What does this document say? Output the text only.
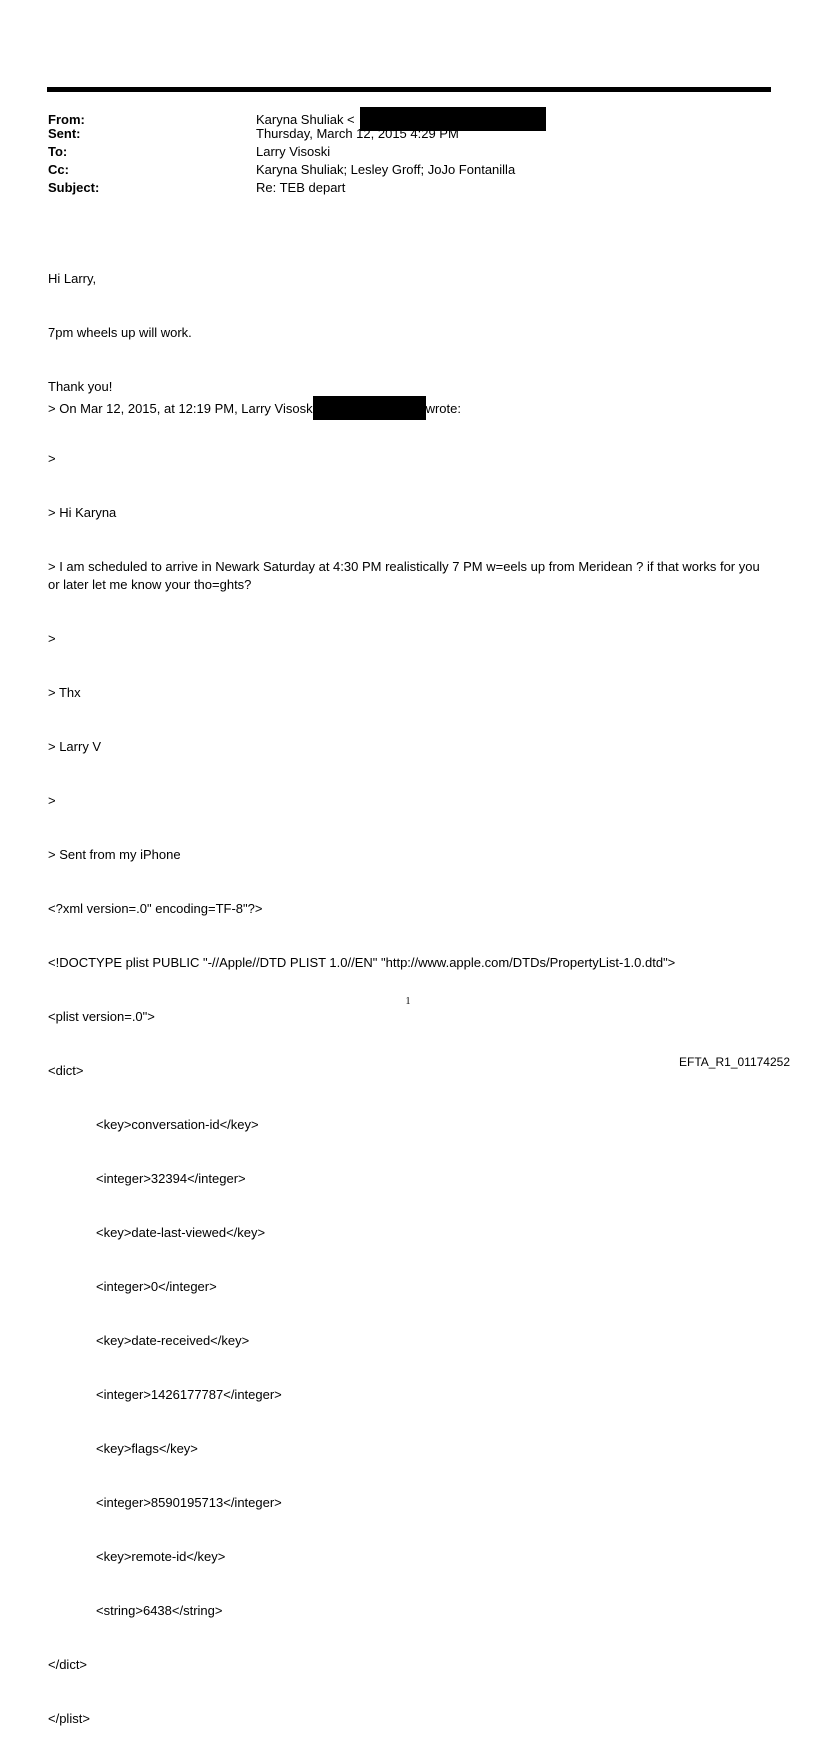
From:	Karyna Shuliak <
Sent:	Thursday, March 12, 2015 4:29 PM
To:	Larry Visoski
Cc:	Karyna Shuliak; Lesley Groff; JoJo Fontanilla
Subject:	Re: TEB depart

Hi Larry,

7pm wheels up will work.

Thank you!

> On Mar 12, 2015, at 12:19 PM, Larry Visosk	wrote:

>

> Hi Karyna

> I am scheduled to arrive in Newark Saturday at 4:30 PM realistically 7 PM w=eels up from Meridean ? if that works for you or later let me know your tho=ghts?

>

> Thx

> Larry V

>

> Sent from my iPhone

<?xml version=.0" encoding=TF-8"?>

<!DOCTYPE plist PUBLIC "-//Apple//DTD PLIST 1.0//EN" "http://www.apple.com/DTDs/PropertyList-1.0.dtd">

<plist version=.0">

<dict>

<key>conversation-id</key>

<integer>32394</integer>

<key>date-last-viewed</key>

<integer>0</integer>

<key>date-received</key>

<integer>1426177787</integer>

<key>flags</key>

<integer>8590195713</integer>

<key>remote-id</key>

<string>6438</string>

</dict>

</plist>

1
EFTA_R1_01174252
